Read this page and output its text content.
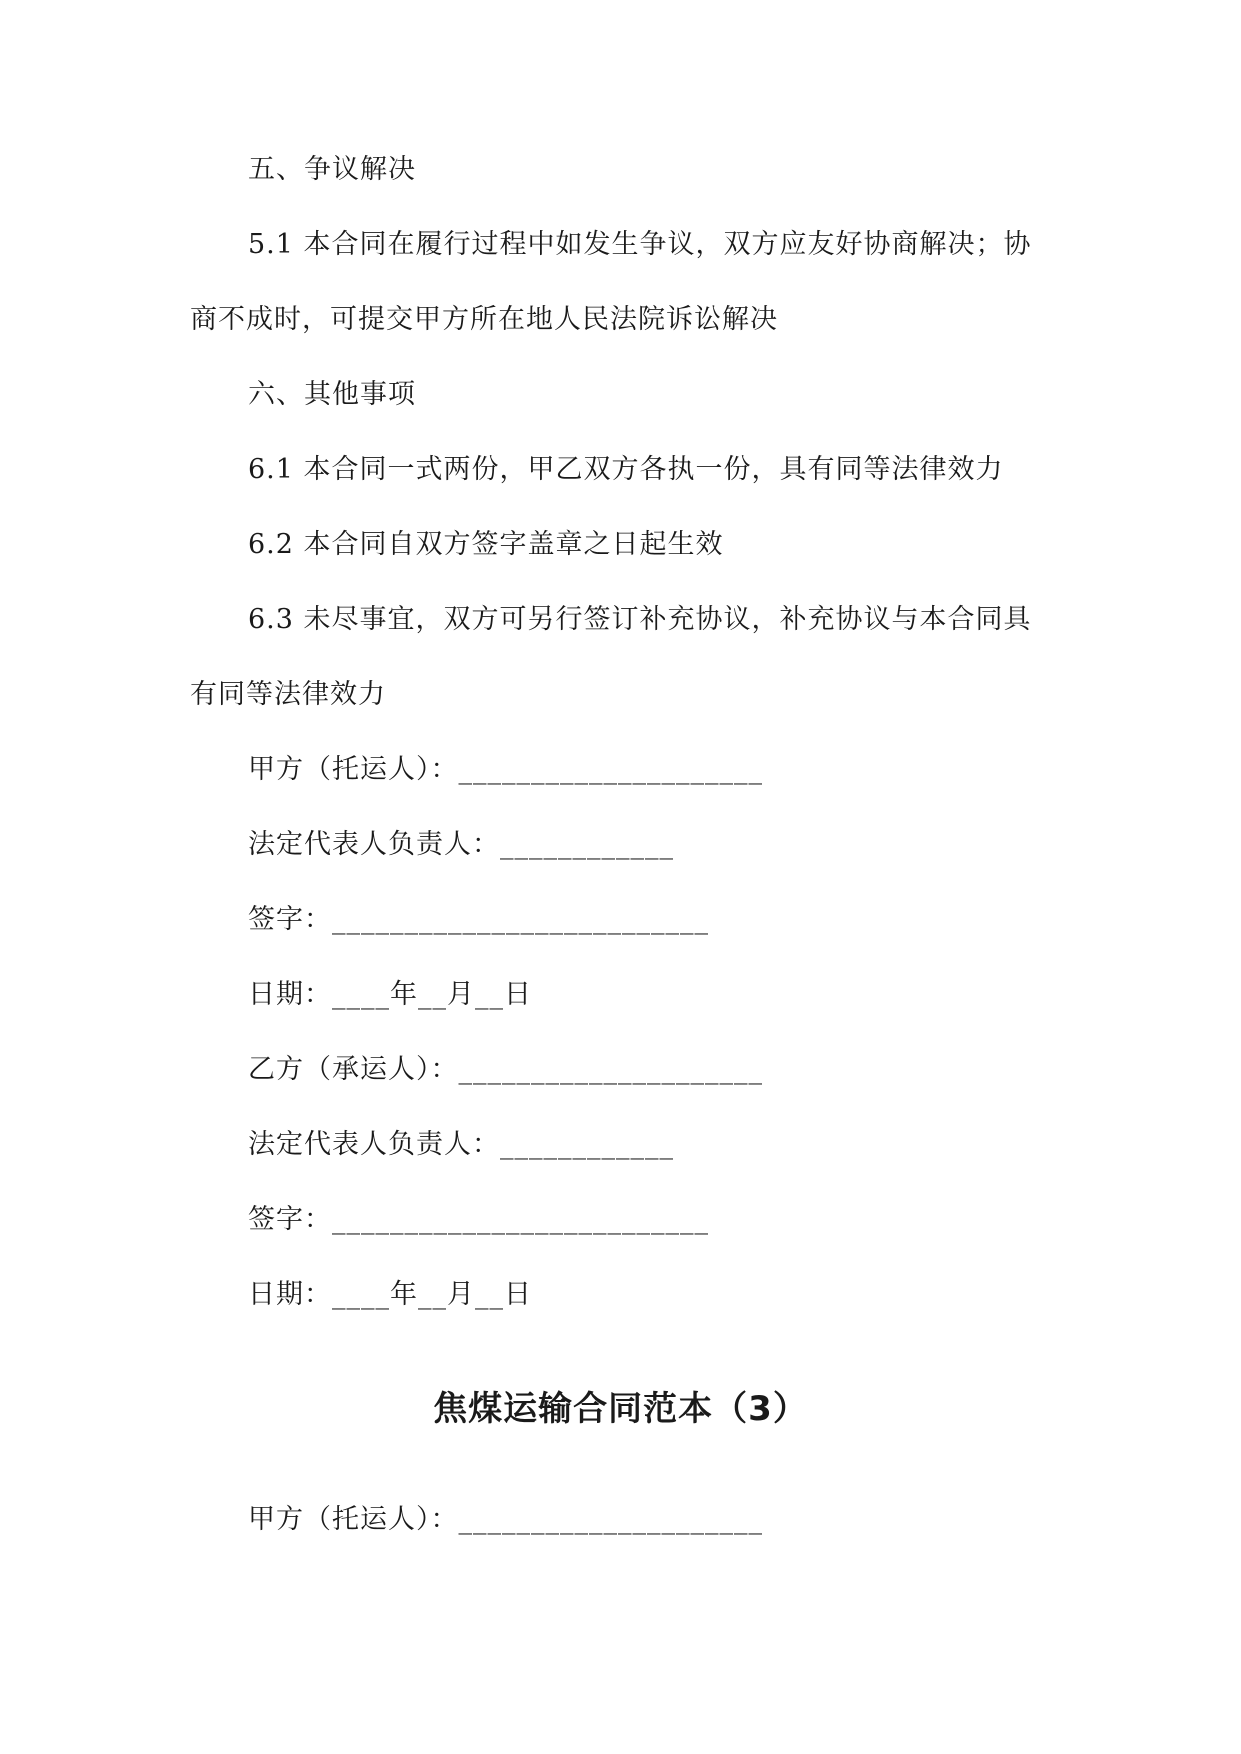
五、争议解决
5.1 本合同在履行过程中如发生争议，双方应友好协商解决；协
商不成时，可提交甲方所在地人民法院诉讼解决
六、其他事项
6.1 本合同一式两份，甲乙双方各执一份，具有同等法律效力
6.2 本合同自双方签字盖章之日起生效
6.3 未尽事宜，双方可另行签订补充协议，补充协议与本合同具
有同等法律效力
甲方（托运人）：_____________________
法定代表人负责人：____________
签字：__________________________
日期：____年__月__日
乙方（承运人）：_____________________
法定代表人负责人：____________
签字：__________________________
日期：____年__月__日
焦煤运输合同范本（3）
甲方（托运人）：_____________________
